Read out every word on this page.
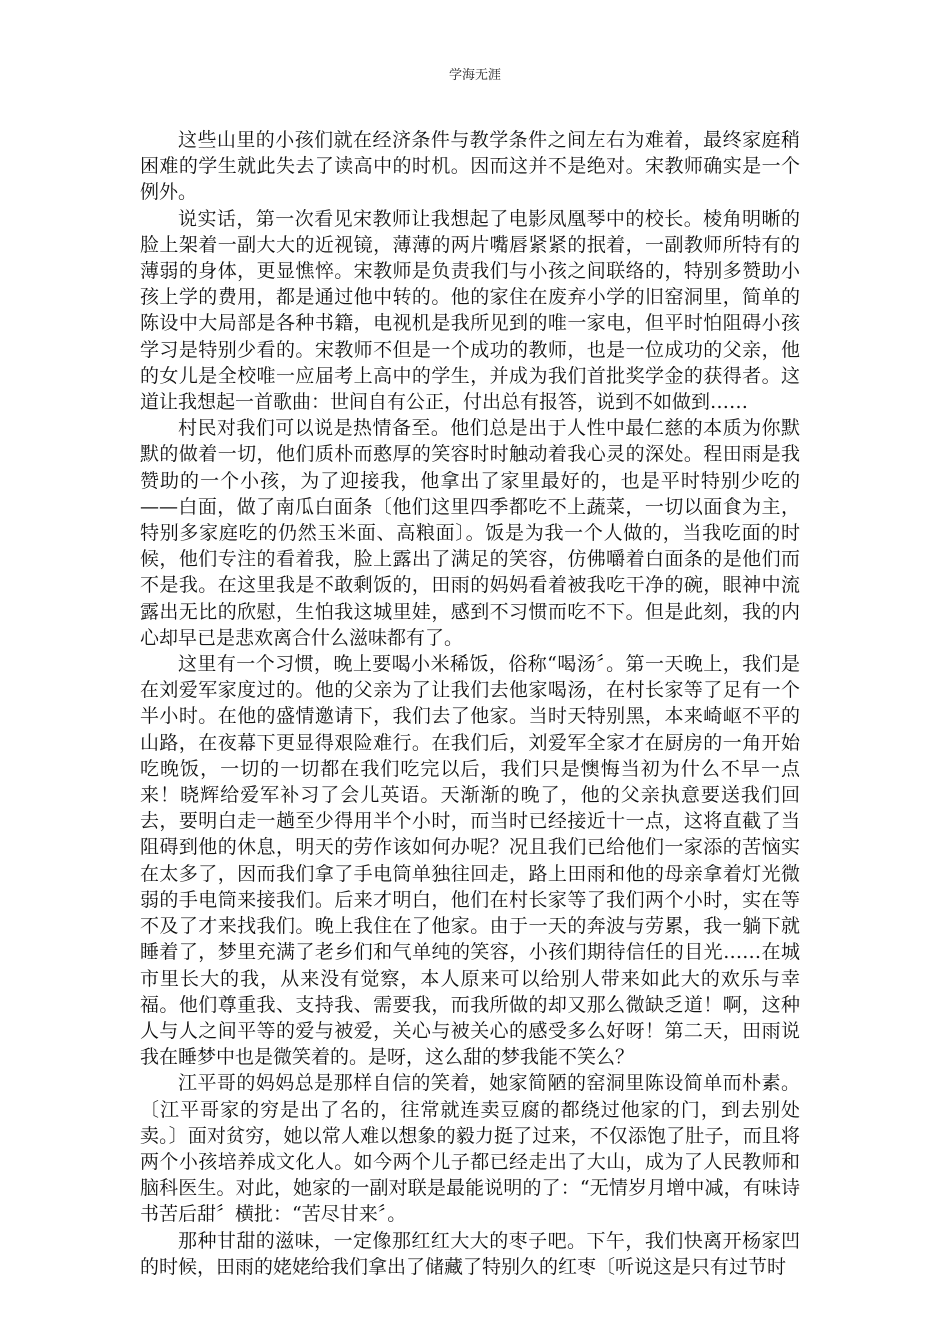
学海无涯

这些山里的小孩们就在经济条件与教学条件之间左右为难着，最终家庭稍困难的学生就此失去了读高中的时机。因而这并不是绝对。宋教师确实是一个例外。

说实话，第一次看见宋教师让我想起了电影凤凰琴中的校长。棱角明晰的脸上架着一副大大的近视镜，薄薄的两片嘴唇紧紧的抿着，一副教师所特有的薄弱的身体，更显憔悴。宋教师是负责我们与小孩之间联络的，特别多赞助小孩上学的费用，都是通过他中转的。他的家住在废弃小学的旧窑洞里，简单的陈设中大局部是各种书籍，电视机是我所见到的唯一家电，但平时怕阻碍小孩学习是特别少看的。宋教师不但是一个成功的教师，也是一位成功的父亲，他的女儿是全校唯一应届考上高中的学生，并成为我们首批奖学金的获得者。这道让我想起一首歌曲：世间自有公正，付出总有报答，说到不如做到……

村民对我们可以说是热情备至。他们总是出于人性中最仁慈的本质为你默默的做着一切，他们质朴而憨厚的笑容时时触动着我心灵的深处。程田雨是我赞助的一个小孩，为了迎接我，他拿出了家里最好的，也是平时特别少吃的——白面，做了南瓜白面条〔他们这里四季都吃不上蔬菜，一切以面食为主，特别多家庭吃的仍然玉米面、高粮面〕。饭是为我一个人做的，当我吃面的时候，他们专注的看着我，脸上露出了满足的笑容，仿佛嚼着白面条的是他们而不是我。在这里我是不敢剩饭的，田雨的妈妈看着被我吃干净的碗，眼神中流露出无比的欣慰，生怕我这城里娃，感到不习惯而吃不下。但是此刻，我的内心却早已是悲欢离合什么滋味都有了。

这里有一个习惯，晚上要喝小米稀饭，俗称“喝汤〞。第一天晚上，我们是在刘爱军家度过的。他的父亲为了让我们去他家喝汤，在村长家等了足有一个半小时。在他的盛情邀请下，我们去了他家。当时天特别黑，本来崎岖不平的山路，在夜幕下更显得艰险难行。在我们后，刘爱军全家才在厨房的一角开始吃晚饭，一切的一切都在我们吃完以后，我们只是懊悔当初为什么不早一点来！晓辉给爱军补习了会儿英语。天渐渐的晚了，他的父亲执意要送我们回去，要明白走一趟至少得用半个小时，而当时已经接近十一点，这将直截了当阻碍到他的休息，明天的劳作该如何办呢？况且我们已给他们一家添的苦恼实在太多了，因而我们拿了手电筒单独往回走，路上田雨和他的母亲拿着灯光微弱的手电筒来接我们。后来才明白，他们在村长家等了我们两个小时，实在等不及了才来找我们。晚上我住在了他家。由于一天的奔波与劳累，我一躺下就睡着了，梦里充满了老乡们和气单纯的笑容，小孩们期待信任的目光……在城市里长大的我，从来没有觉察，本人原来可以给别人带来如此大的欢乐与幸福。他们尊重我、支持我、需要我，而我所做的却又那么微缺乏道！啊，这种人与人之间平等的爱与被爱，关心与被关心的感受多么好呀！第二天，田雨说我在睡梦中也是微笑着的。是呀，这么甜的梦我能不笑么？

江平哥的妈妈总是那样自信的笑着，她家简陋的窑洞里陈设简单而朴素。〔江平哥家的穷是出了名的，往常就连卖豆腐的都绕过他家的门，到去别处卖。〕面对贫穷，她以常人难以想象的毅力挺了过来，不仅添饱了肚子，而且将两个小孩培养成文化人。如今两个儿子都已经走出了大山，成为了人民教师和脑科医生。对此，她家的一副对联是最能说明的了：“无情岁月增中减，有味诗书苦后甜〞横批：“苦尽甘来〞。

那种甘甜的滋味，一定像那红红大大的枣子吧。下午，我们快离开杨家凹的时候，田雨的姥姥给我们拿出了储藏了特别久的红枣〔听说这是只有过节时
